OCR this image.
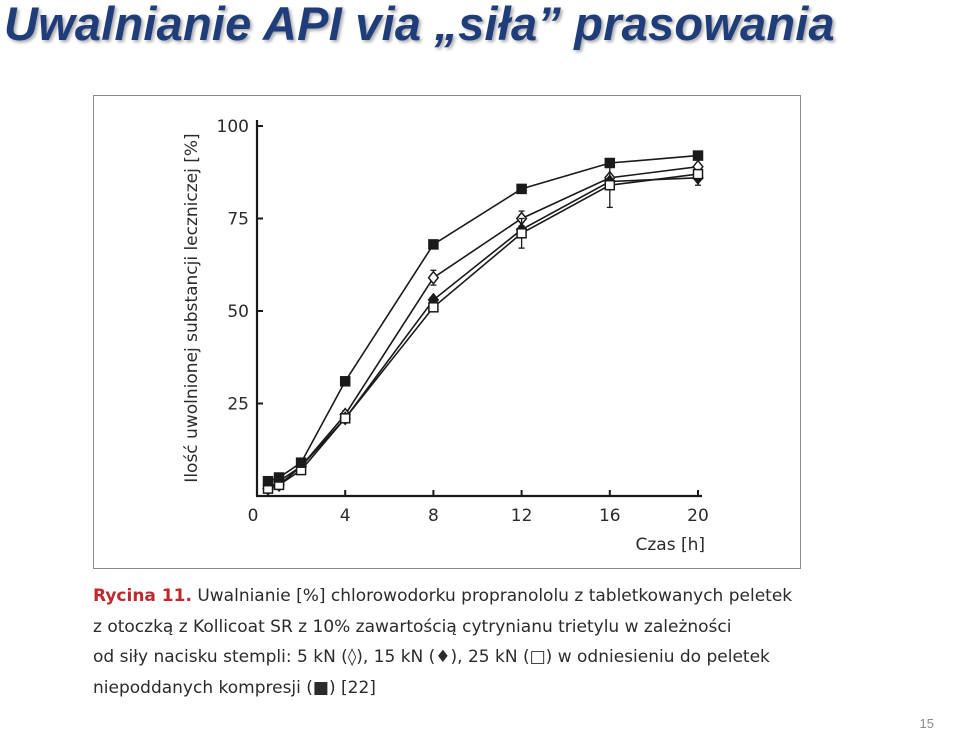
Uwalnianie API via „siła” prasowania
0	4	8	12	16	20
25
50
75
100
Ilość uwolnionej substancji leczniczej [%]
Czas [h]
Rycina 11. Uwalnianie [%] chlorowodorku propranololu z tabletkowanych peletek
z otoczką z Kollicoat SR z 10% zawartością cytrynianu trietylu w zależności
od siły nacisku stempli: 5 kN (◊), 15 kN (♦), 25 kN (□) w odniesieniu do peletek
niepoddanych kompresji (■) [22]
15
